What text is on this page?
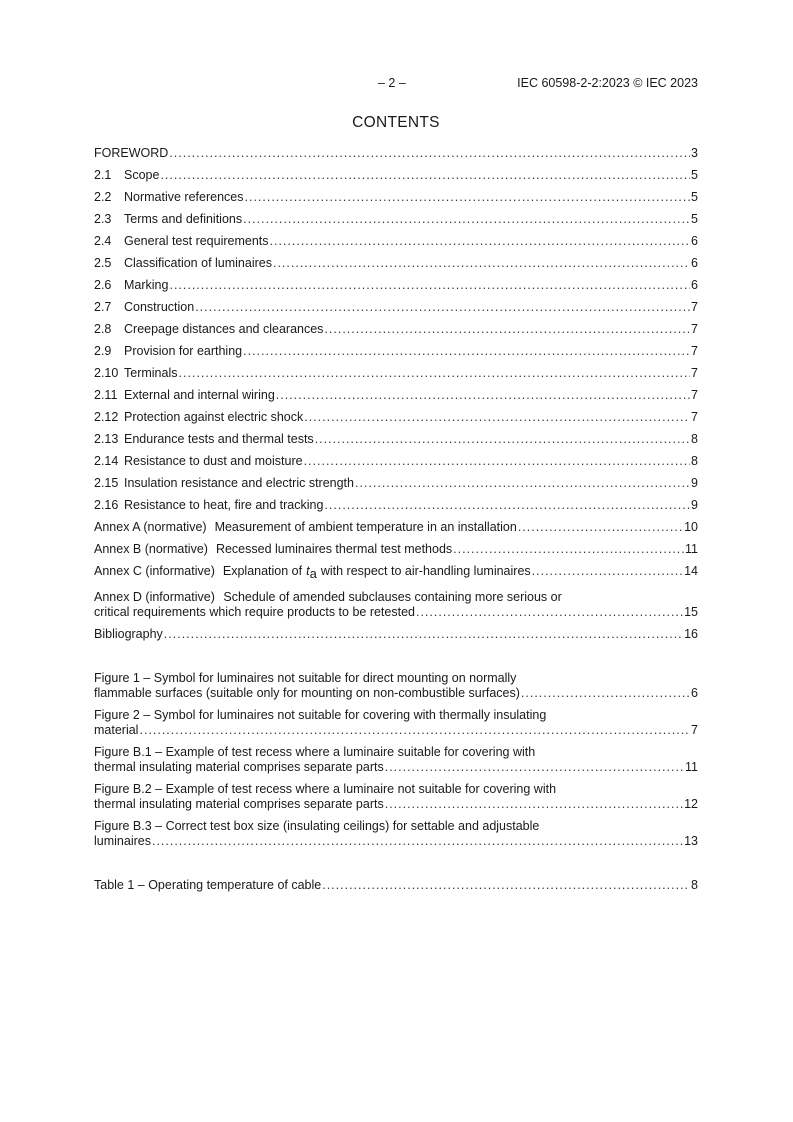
– 2 –	IEC 60598-2-2:2023 © IEC 2023
CONTENTS
FOREWORD .....	3
2.1	Scope .....	5
2.2	Normative references .....	5
2.3	Terms and definitions .....	5
2.4	General test requirements .....	6
2.5	Classification of luminaires .....	6
2.6	Marking .....	6
2.7	Construction .....	7
2.8	Creepage distances and clearances .....	7
2.9	Provision for earthing .....	7
2.10 Terminals .....	7
2.11 External and internal wiring .....	7
2.12 Protection against electric shock .....	7
2.13 Endurance tests and thermal tests .....	8
2.14 Resistance to dust and moisture .....	8
2.15 Insulation resistance and electric strength .....	9
2.16 Resistance to heat, fire and tracking .....	9
Annex A (normative) Measurement of ambient temperature in an installation .....	10
Annex B (normative) Recessed luminaires thermal test methods .....	11
Annex C (informative) Explanation of $t_a$ with respect to air-handling luminaires .....	14
Annex D (informative) Schedule of amended subclauses containing more serious or
critical requirements which require products to be retested .....	15
Bibliography .....	16
Figure 1 – Symbol for luminaires not suitable for direct mounting on normally
flammable surfaces (suitable only for mounting on non-combustible surfaces) .....	6
Figure 2 – Symbol for luminaires not suitable for covering with thermally insulating
material .....	7
Figure B.1 – Example of test recess where a luminaire suitable for covering with
thermal insulating material comprises separate parts .....	11
Figure B.2 – Example of test recess where a luminaire not suitable for covering with
thermal insulating material comprises separate parts .....	12
Figure B.3 – Correct test box size (insulating ceilings) for settable and adjustable
luminaires .....	13
Table 1 – Operating temperature of cable .....	8
